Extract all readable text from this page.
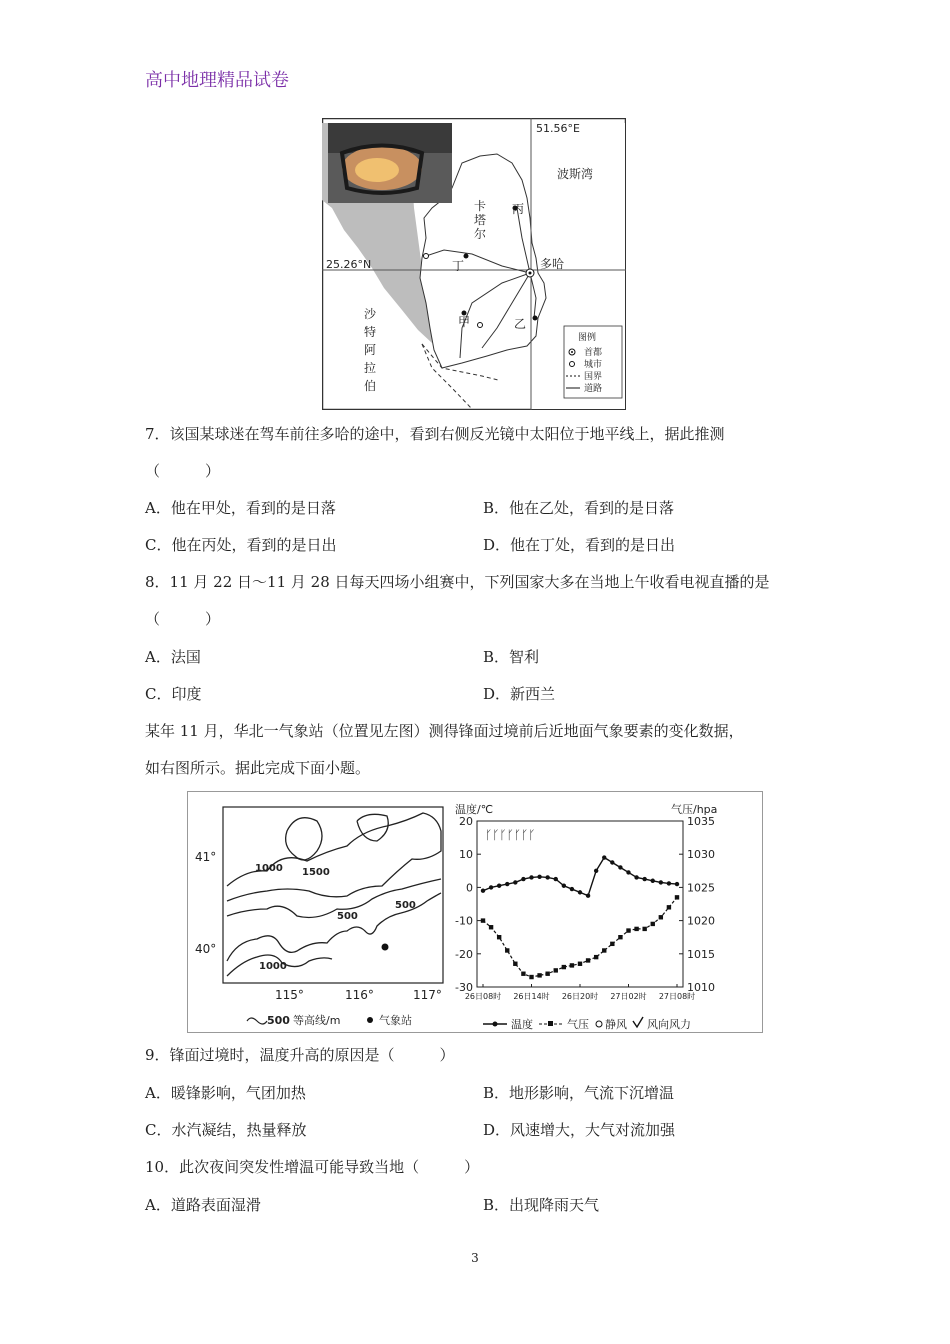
高中地理精品试卷
51.56°E
25.26°N
波斯湾
卡
塔
尔
丙
丁	多哈
甲	乙
沙
特
阿
拉
伯
图例
首都
城市
国界
道路
7．该国某球迷在驾车前往多哈的途中，看到右侧反光镜中太阳位于地平线上，据此推测
（　　　）
A．他在甲处，看到的是日落	B．他在乙处，看到的是日落
C．他在丙处，看到的是日出	D．他在丁处，看到的是日出
8．11 月 22 日～11 月 28 日每天四场小组赛中，下列国家大多在当地上午收看电视直播的是
（　　　）
A．法国	B．智利
C．印度	D．新西兰
某年 11 月，华北一气象站（位置见左图）测得锋面过境前后近地面气象要素的变化数据，
如右图所示。据此完成下面小题。
41°
40°
115°	116°	117°
1000 1500
500
500
1000
500 等高线/m	气象站
温度/℃	气压/hpa
20
10
0
-10
-20
-30
1035
1030
1025
1020
1015
1010
26日08时 26日14时 26日20时 27日02时 27日08时
ᚴᚴᚴᚴᚴᚴᚴ
温度	气压 静风 风向风力
9．锋面过境时，温度升高的原因是（　　　）
A．暖锋影响，气团加热	B．地形影响，气流下沉增温
C．水汽凝结，热量释放	D．风速增大，大气对流加强
10．此次夜间突发性增温可能导致当地（　　　）
A．道路表面湿滑	B．出现降雨天气
3
